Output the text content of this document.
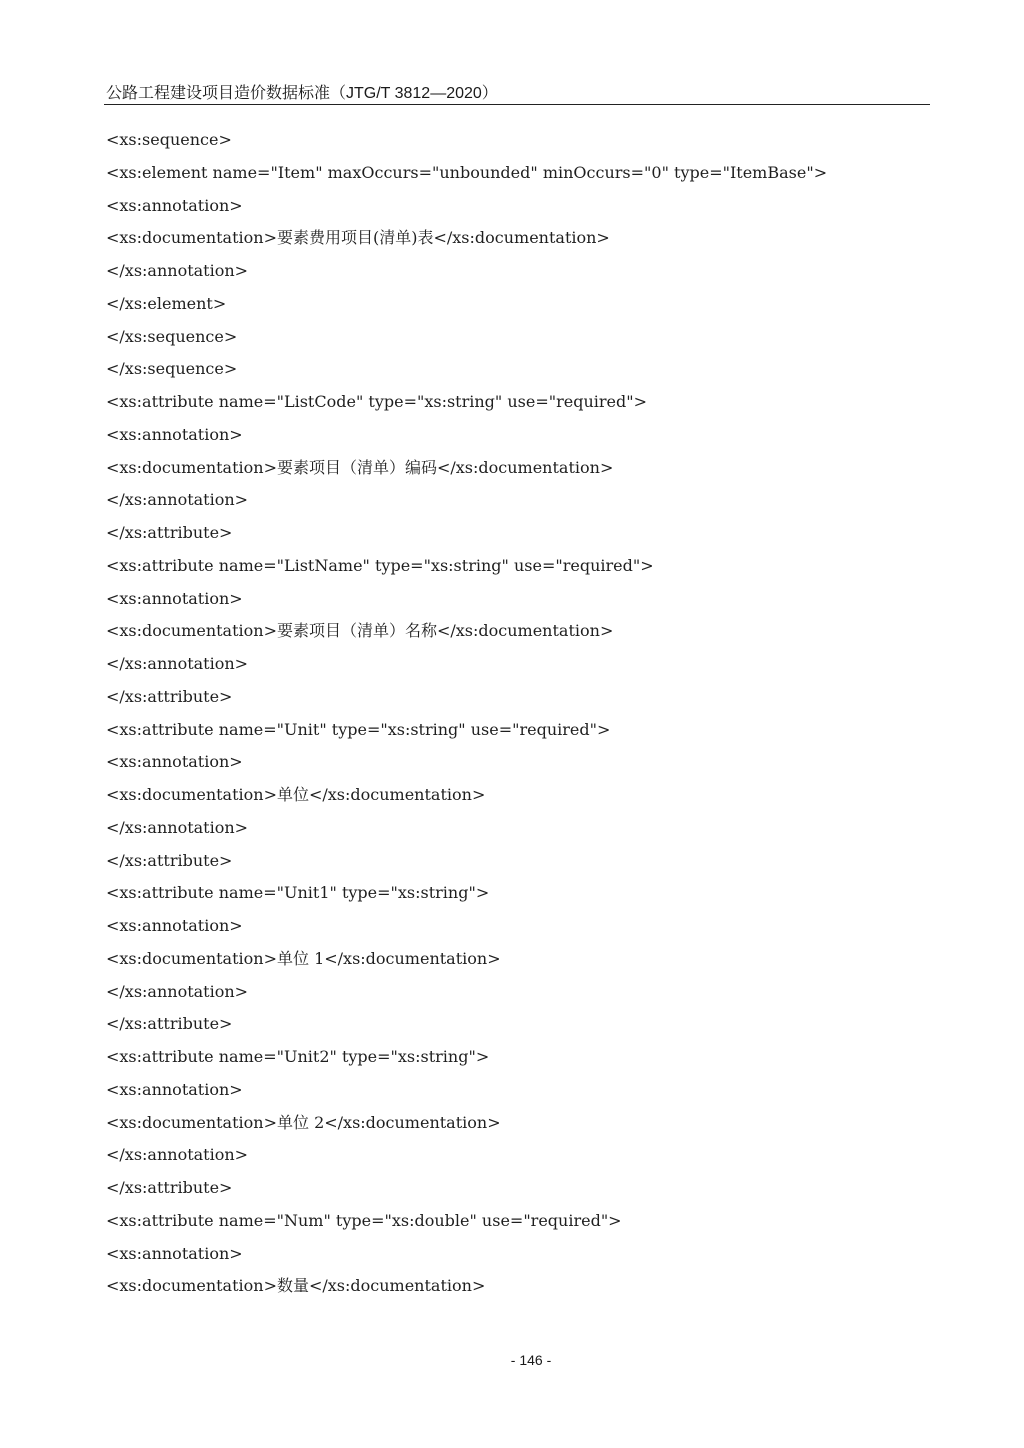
公路工程建设项目造价数据标准（JTG/T 3812—2020）
<xs:sequence>
<xs:element name="Item" maxOccurs="unbounded" minOccurs="0" type="ItemBase">
<xs:annotation>
<xs:documentation>要素费用项目(清单)表</xs:documentation>
</xs:annotation>
</xs:element>
</xs:sequence>
</xs:sequence>
<xs:attribute name="ListCode" type="xs:string" use="required">
<xs:annotation>
<xs:documentation>要素项目（清单）编码</xs:documentation>
</xs:annotation>
</xs:attribute>
<xs:attribute name="ListName" type="xs:string" use="required">
<xs:annotation>
<xs:documentation>要素项目（清单）名称</xs:documentation>
</xs:annotation>
</xs:attribute>
<xs:attribute name="Unit" type="xs:string" use="required">
<xs:annotation>
<xs:documentation>单位</xs:documentation>
</xs:annotation>
</xs:attribute>
<xs:attribute name="Unit1" type="xs:string">
<xs:annotation>
<xs:documentation>单位 1</xs:documentation>
</xs:annotation>
</xs:attribute>
<xs:attribute name="Unit2" type="xs:string">
<xs:annotation>
<xs:documentation>单位 2</xs:documentation>
</xs:annotation>
</xs:attribute>
<xs:attribute name="Num" type="xs:double" use="required">
<xs:annotation>
<xs:documentation>数量</xs:documentation>
- 146 -
